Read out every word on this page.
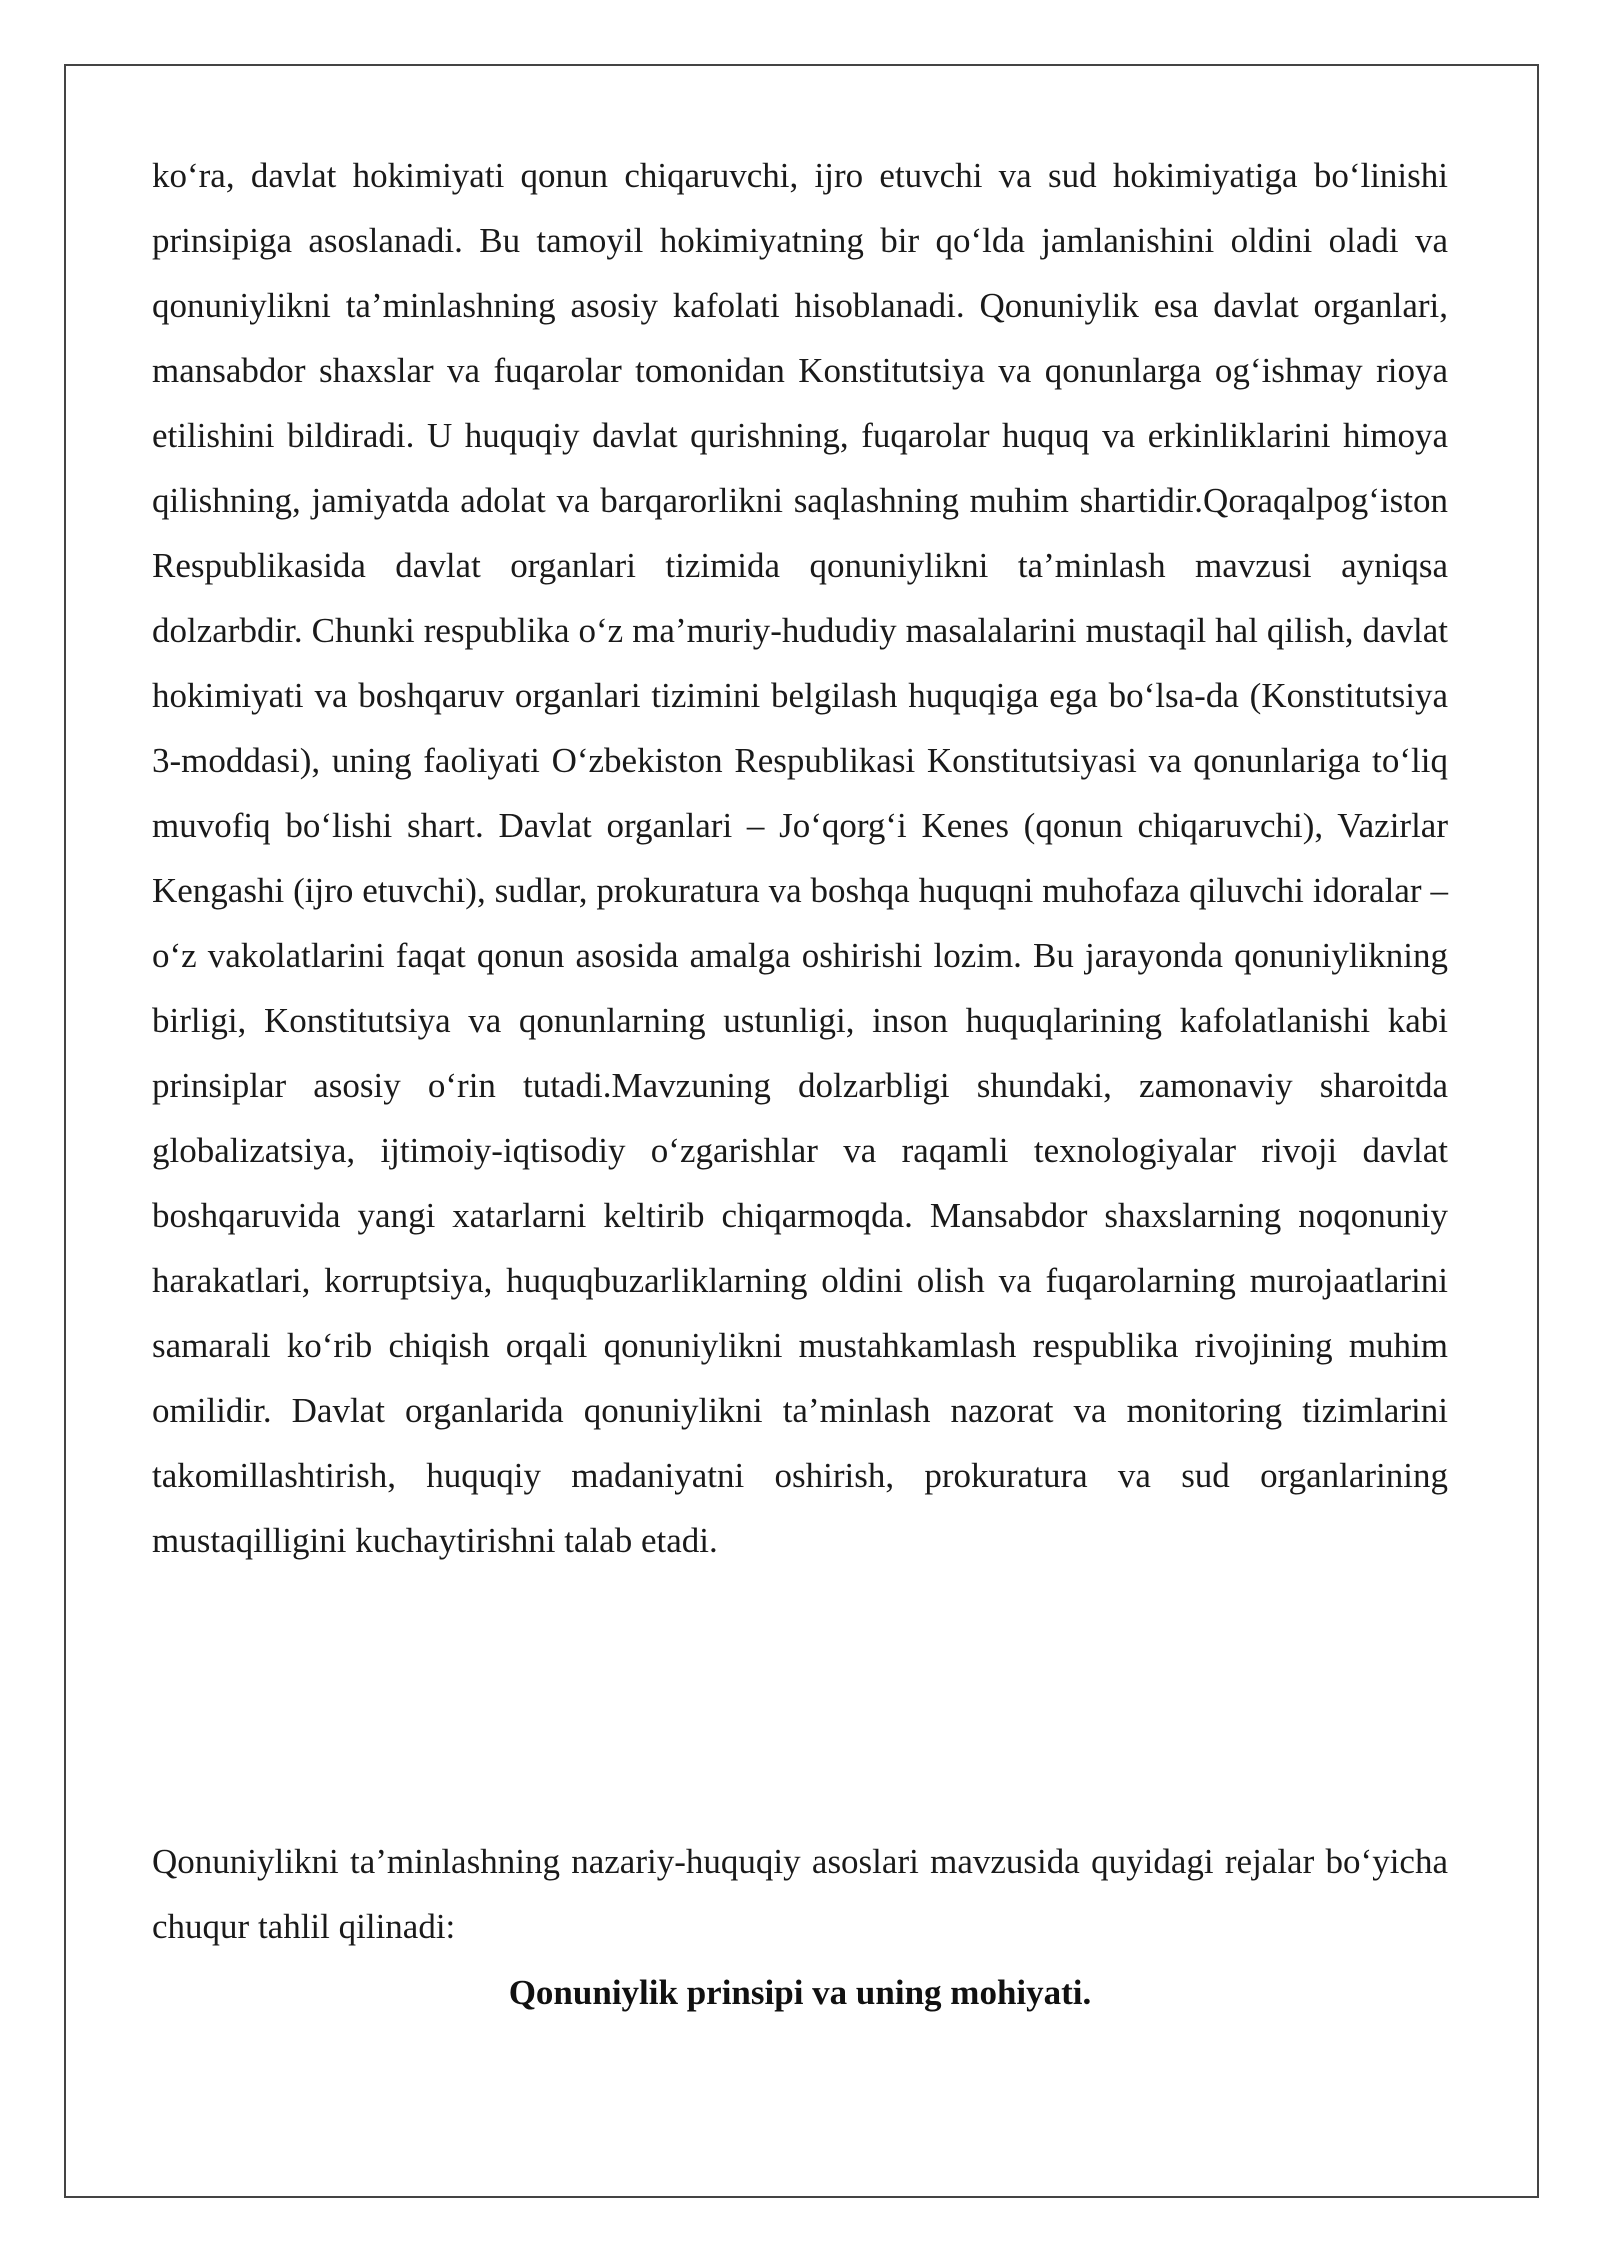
ko‘ra, davlat hokimiyati qonun chiqaruvchi, ijro etuvchi va sud hokimiyatiga bo‘linishi prinsipiga asoslanadi. Bu tamoyil hokimiyatning bir qo‘lda jamlanishini oldini oladi va qonuniylikni ta’minlashning asosiy kafolati hisoblanadi. Qonuniylik esa davlat organlari, mansabdor shaxslar va fuqarolar tomonidan Konstitutsiya va qonunlarga og‘ishmay rioya etilishini bildiradi. U huquqiy davlat qurishning, fuqarolar huquq va erkinliklarini himoya qilishning, jamiyatda adolat va barqarorlikni saqlashning muhim shartidir.Qoraqalpog‘iston Respublikasida davlat organlari tizimida qonuniylikni ta’minlash mavzusi ayniqsa dolzarbdir. Chunki respublika o‘z ma’muriy-hududiy masalalarini mustaqil hal qilish, davlat hokimiyati va boshqaruv organlari tizimini belgilash huquqiga ega bo‘lsa-da (Konstitutsiya 3-moddasi), uning faoliyati O‘zbekiston Respublikasi Konstitutsiyasi va qonunlariga to‘liq muvofiq bo‘lishi shart. Davlat organlari – Jo‘qorg‘i Kenes (qonun chiqaruvchi), Vazirlar Kengashi (ijro etuvchi), sudlar, prokuratura va boshqa huquqni muhofaza qiluvchi idoralar – o‘z vakolatlarini faqat qonun asosida amalga oshirishi lozim. Bu jarayonda qonuniylikning birligi, Konstitutsiya va qonunlarning ustunligi, inson huquqlarining kafolatlanishi kabi prinsiplar asosiy o‘rin tutadi.Mavzuning dolzarbligi shundaki, zamonaviy sharoitda globalizatsiya, ijtimoiy-iqtisodiy o‘zgarishlar va raqamli texnologiyalar rivoji davlat boshqaruvida yangi xatarlarni keltirib chiqarmoqda. Mansabdor shaxslarning noqonuniy harakatlari, korruptsiya, huquqbuzarliklarning oldini olish va fuqarolarning murojaatlarini samarali ko‘rib chiqish orqali qonuniylikni mustahkamlash respublika rivojining muhim omilidir. Davlat organlarida qonuniylikni ta’minlash nazorat va monitoring tizimlarini takomillashtirish, huquqiy madaniyatni oshirish, prokuratura va sud organlarining mustaqilligini kuchaytirishni talab etadi.

Qonuniylikni ta’minlashning nazariy-huquqiy asoslari mavzusida quyidagi rejalar bo‘yicha chuqur tahlil qilinadi:

Qonuniylik prinsipi va uning mohiyati.
